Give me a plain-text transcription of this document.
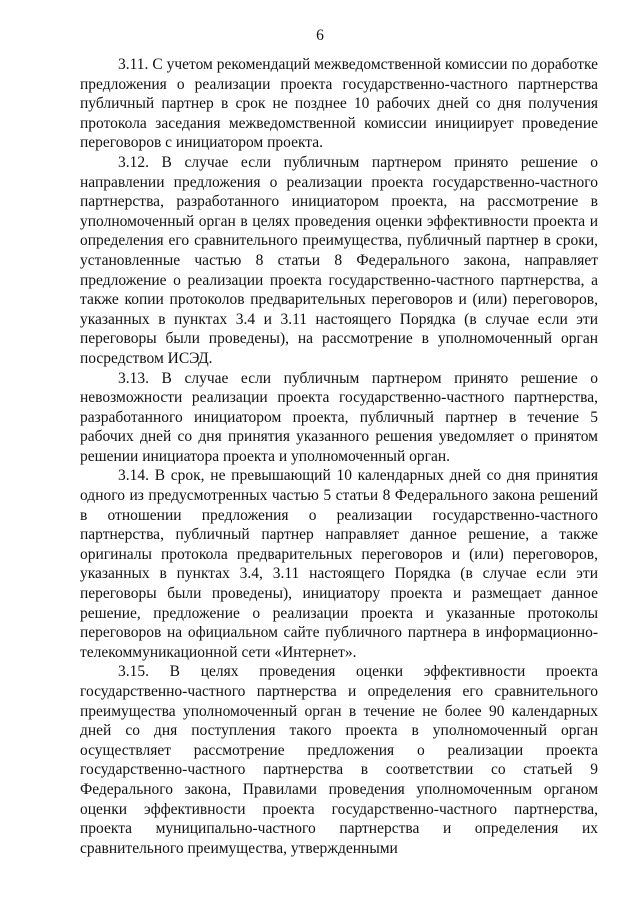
6

3.11. С учетом рекомендаций межведомственной комиссии по доработке предложения о реализации проекта государственно-частного партнерства публичный партнер в срок не позднее 10 рабочих дней со дня получения протокола заседания межведомственной комиссии инициирует проведение переговоров с инициатором проекта.

3.12. В случае если публичным партнером принято решение о направлении предложения о реализации проекта государственно-частного партнерства, разработанного инициатором проекта, на рассмотрение в уполномоченный орган в целях проведения оценки эффективности проекта и определения его сравнительного преимущества, публичный партнер в сроки, установленные частью 8 статьи 8 Федерального закона, направляет предложение о реализации проекта государственно-частного партнерства, а также копии протоколов предварительных переговоров и (или) переговоров, указанных в пунктах 3.4 и 3.11 настоящего Порядка (в случае если эти переговоры были проведены), на рассмотрение в уполномоченный орган посредством ИСЭД.

3.13. В случае если публичным партнером принято решение о невозможности реализации проекта государственно-частного партнерства, разработанного инициатором проекта, публичный партнер в течение 5 рабочих дней со дня принятия указанного решения уведомляет о принятом решении инициатора проекта и уполномоченный орган.

3.14. В срок, не превышающий 10 календарных дней со дня принятия одного из предусмотренных частью 5 статьи 8 Федерального закона решений в отношении предложения о реализации государственно-частного партнерства, публичный партнер направляет данное решение, а также оригиналы протокола предварительных переговоров и (или) переговоров, указанных в пунктах 3.4, 3.11 настоящего Порядка (в случае если эти переговоры были проведены), инициатору проекта и размещает данное решение, предложение о реализации проекта и указанные протоколы переговоров на официальном сайте публичного партнера в информационно-телекоммуникационной сети «Интернет».

3.15. В целях проведения оценки эффективности проекта государственно-частного партнерства и определения его сравнительного преимущества уполномоченный орган в течение не более 90 календарных дней со дня поступления такого проекта в уполномоченный орган осуществляет рассмотрение предложения о реализации проекта государственно-частного партнерства в соответствии со статьей 9 Федерального закона, Правилами проведения уполномоченным органом оценки эффективности проекта государственно-частного партнерства, проекта муниципально-частного партнерства и определения их сравнительного преимущества, утвержденными
